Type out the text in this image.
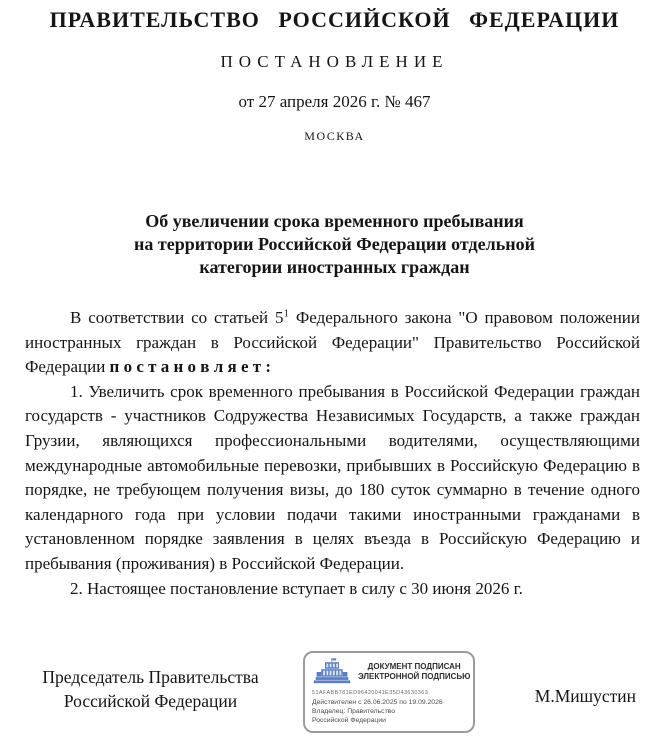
ПРАВИТЕЛЬСТВО РОССИЙСКОЙ ФЕДЕРАЦИИ
ПОСТАНОВЛЕНИЕ
от 27 апреля 2026 г. № 467
МОСКВА
Об увеличении срока временного пребывания
на территории Российской Федерации отдельной
категории иностранных граждан

В соответствии со статьей $5^1$ Федерального закона "О правовом положении иностранных граждан в Российской Федерации" Правительство Российской Федерации п о с т а н о в л я е т :

1. Увеличить срок временного пребывания в Российской Федерации граждан государств - участников Содружества Независимых Государств, а также граждан Грузии, являющихся профессиональными водителями, осуществляющими международные автомобильные перевозки, прибывших в Российскую Федерацию в порядке, не требующем получения визы, до 180 суток суммарно в течение одного календарного года при условии подачи такими иностранными гражданами в установленном порядке заявления в целях въезда в Российскую Федерацию и пребывания (проживания) в Российской Федерации.

2. Настоящее постановление вступает в силу с 30 июня 2026 г.

Председатель Правительства
Российской Федерации
ДОКУМЕНТ ПОДПИСАН
ЭЛЕКТРОННОЙ ПОДПИСЬЮ
51AFABB781ED96420041E35D43630363
Действителен с 26.06.2025 по 19.09.2026
Владелец: Правительство Российской Федерации
М.Мишустин
